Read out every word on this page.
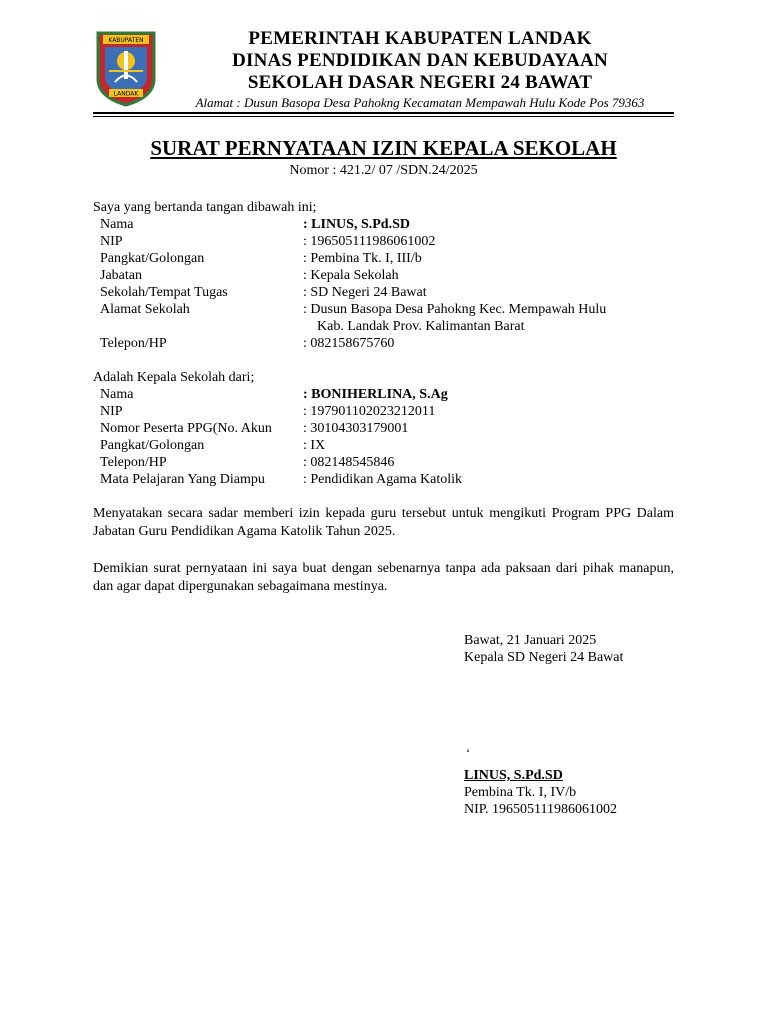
KABUPATEN
LANDAK
PEMERINTAH KABUPATEN LANDAK
DINAS PENDIDIKAN DAN KEBUDAYAAN
SEKOLAH DASAR NEGERI 24 BAWAT
Alamat : Dusun Basopa Desa Pahokng Kecamatan Mempawah Hulu Kode Pos 79363
SURAT PERNYATAAN IZIN KEPALA SEKOLAH
Nomor : 421.2/ 07 /SDN.24/2025
Saya yang bertanda tangan dibawah ini;
Nama	: LINUS, S.Pd.SD
NIP	: 196505111986061002
Pangkat/Golongan	: Pembina Tk. I, III/b
Jabatan	: Kepala Sekolah
Sekolah/Tempat Tugas	: SD Negeri 24 Bawat
Alamat Sekolah	: Dusun Basopa Desa Pahokng Kec. Mempawah Hulu
Kab. Landak Prov. Kalimantan Barat
Telepon/HP	: 082158675760
Adalah Kepala Sekolah dari;
Nama	: BONIHERLINA, S.Ag
NIP	: 197901102023212011
Nomor Peserta PPG(No. Akun	: 30104303179001
Pangkat/Golongan	: IX
Telepon/HP	: 082148545846
Mata Pelajaran Yang Diampu	: Pendidikan Agama Katolik
Menyatakan secara sadar memberi izin kepada guru tersebut untuk mengikuti Program PPG Dalam Jabatan Guru Pendidikan Agama Katolik Tahun 2025.
Demikian surat pernyataan ini saya buat dengan sebenarnya tanpa ada paksaan dari pihak manapun, dan agar dapat dipergunakan sebagaimana mestinya.
Bawat, 21 Januari 2025
Kepala SD Negeri 24 Bawat
‘
LINUS, S.Pd.SD
Pembina Tk. I, IV/b
NIP. 196505111986061002
